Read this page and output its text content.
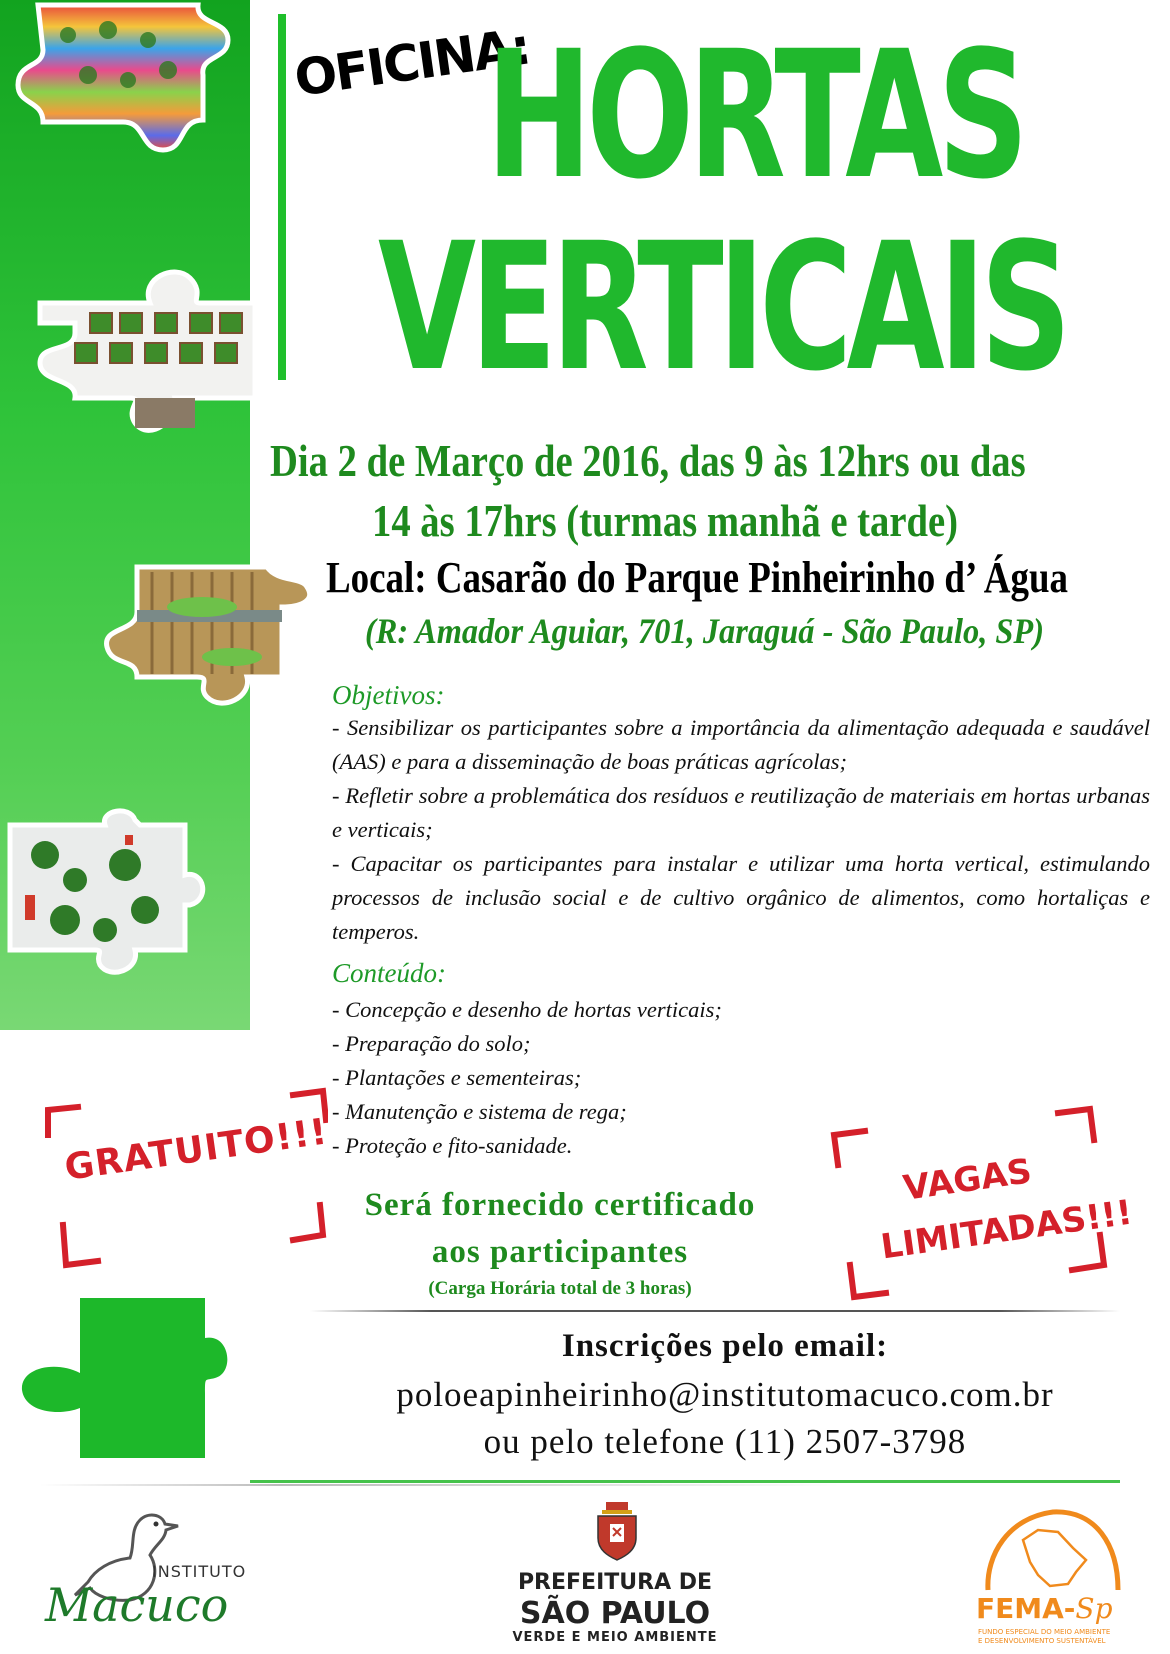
OFICINA:
HORTAS
VERTICAIS
Dia 2 de Março de 2016, das 9 às 12hrs ou das
14 às 17hrs (turmas manhã e tarde)
Local: Casarão do Parque Pinheirinho d’ Água
(R: Amador Aguiar, 701, Jaraguá - São Paulo, SP)
Objetivos:

- Sensibilizar os participantes sobre a importância da alimentação adequada e saudável (AAS) e para a disseminação de boas práticas agrícolas;

- Refletir sobre a problemática dos resíduos e reutilização de materiais em hortas urbanas e verticais;

- Capacitar os participantes para instalar e utilizar uma horta vertical, estimulando processos de inclusão social e de cultivo orgânico de alimentos, como hortaliças e temperos.

Conteúdo:

- Concepção e desenho de hortas verticais;

- Preparação do solo;

- Plantações e sementeiras;

- Manutenção e sistema de rega;

- Proteção e fito-sanidade.

GRATUITO!!!	VAGAS
LIMITADAS!!!
Será fornecido certificado
aos participantes
(Carga Horária total de 3 horas)
Inscrições pelo email:
poloeapinheirinho@institutomacuco.com.br
ou pelo telefone (11) 2507-3798
INSTITUTO
Macuco	PREFEITURA DE
SÃO PAULO
VERDE E MEIO AMBIENTE
FEMA-Sp
FUNDO ESPECIAL DO MEIO AMBIENTE
E DESENVOLVIMENTO SUSTENTÁVEL
